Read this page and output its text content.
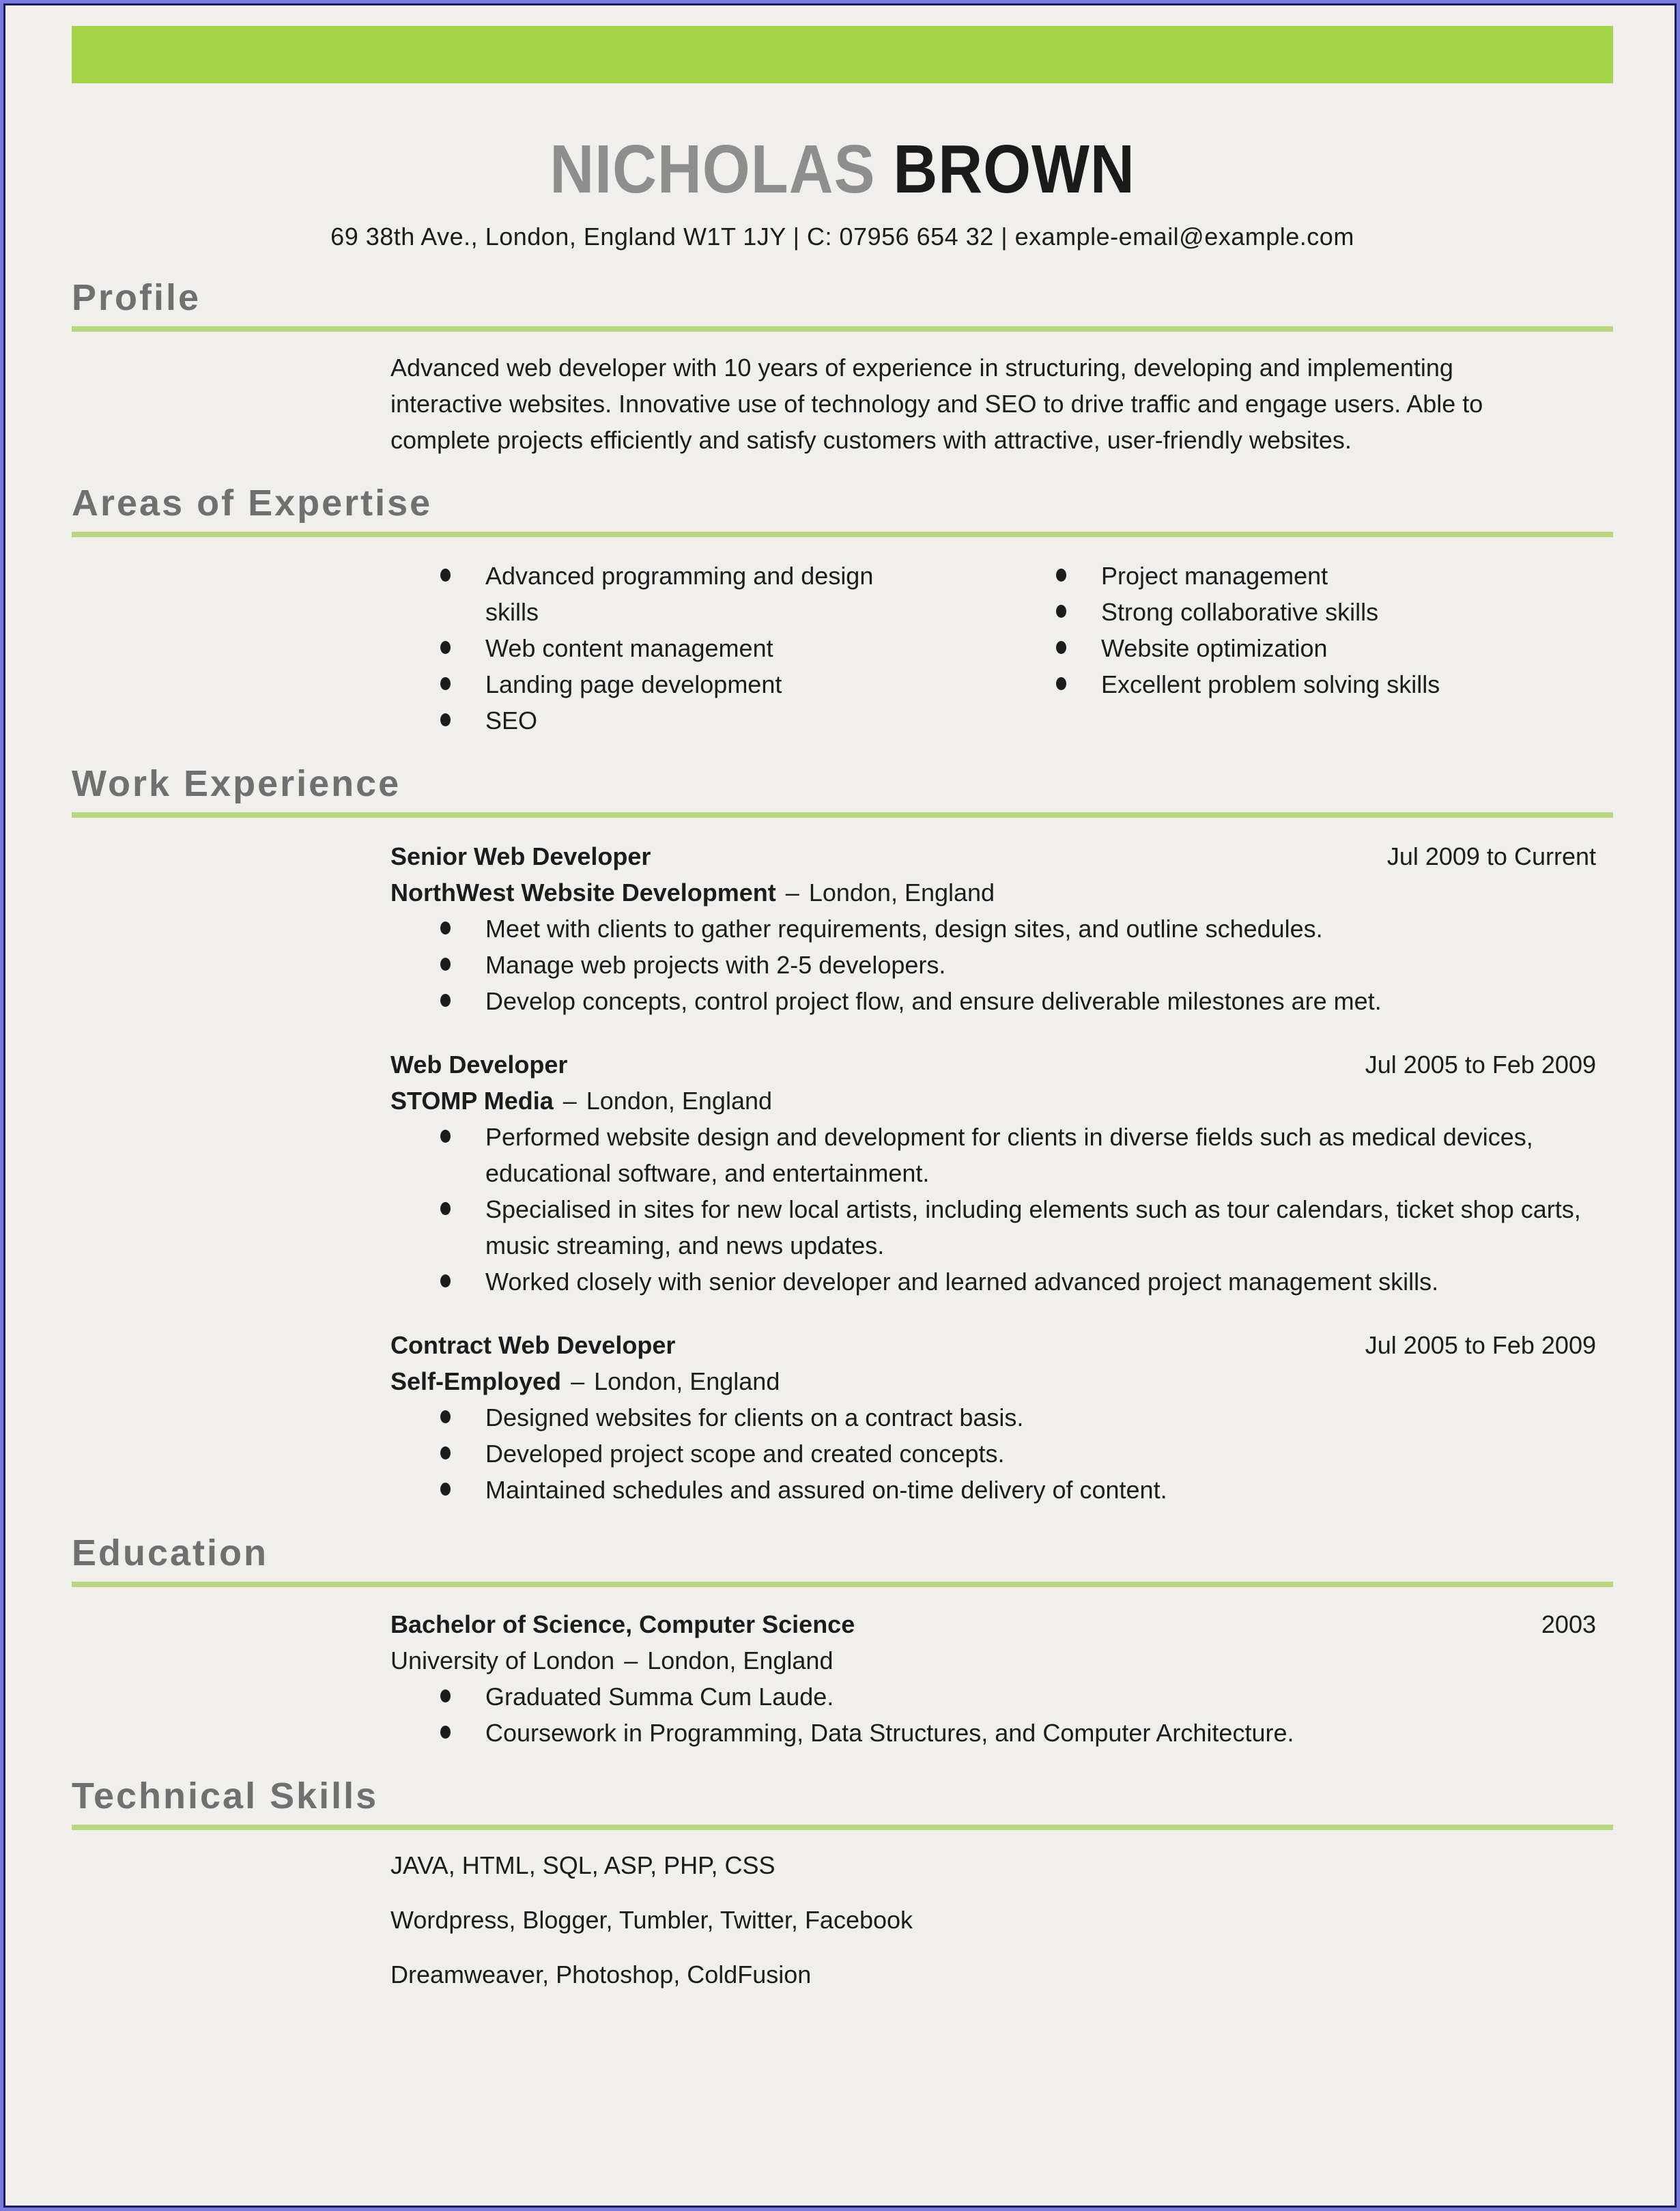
NICHOLAS BROWN
69 38th Ave., London, England W1T 1JY | C: 07956 654 32 | example-email@example.com
Profile

Advanced web developer with 10 years of experience in structuring, developing and implementing interactive websites. Innovative use of technology and SEO to drive traffic and engage users. Able to complete projects efficiently and satisfy customers with attractive, user-friendly websites.

Areas of Expertise
Advanced programming and design skills
Web content management
Landing page development
SEO
Project management
Strong collaborative skills
Website optimization
Excellent problem solving skills
Work Experience
Senior Web Developer	Jul 2009 to Current
NorthWest Website Development – London, England
Meet with clients to gather requirements, design sites, and outline schedules.
Manage web projects with 2-5 developers.
Develop concepts, control project flow, and ensure deliverable milestones are met.
Web Developer	Jul 2005 to Feb 2009
STOMP Media – London, England
Performed website design and development for clients in diverse fields such as medical devices, educational software, and entertainment.
Specialised in sites for new local artists, including elements such as tour calendars, ticket shop carts, music streaming, and news updates.
Worked closely with senior developer and learned advanced project management skills.
Contract Web Developer	Jul 2005 to Feb 2009
Self-Employed – London, England
Designed websites for clients on a contract basis.
Developed project scope and created concepts.
Maintained schedules and assured on-time delivery of content.
Education
Bachelor of Science, Computer Science	2003
University of London – London, England
Graduated Summa Cum Laude.
Coursework in Programming, Data Structures, and Computer Architecture.
Technical Skills

JAVA, HTML, SQL, ASP, PHP, CSS

Wordpress, Blogger, Tumbler, Twitter, Facebook

Dreamweaver, Photoshop, ColdFusion
